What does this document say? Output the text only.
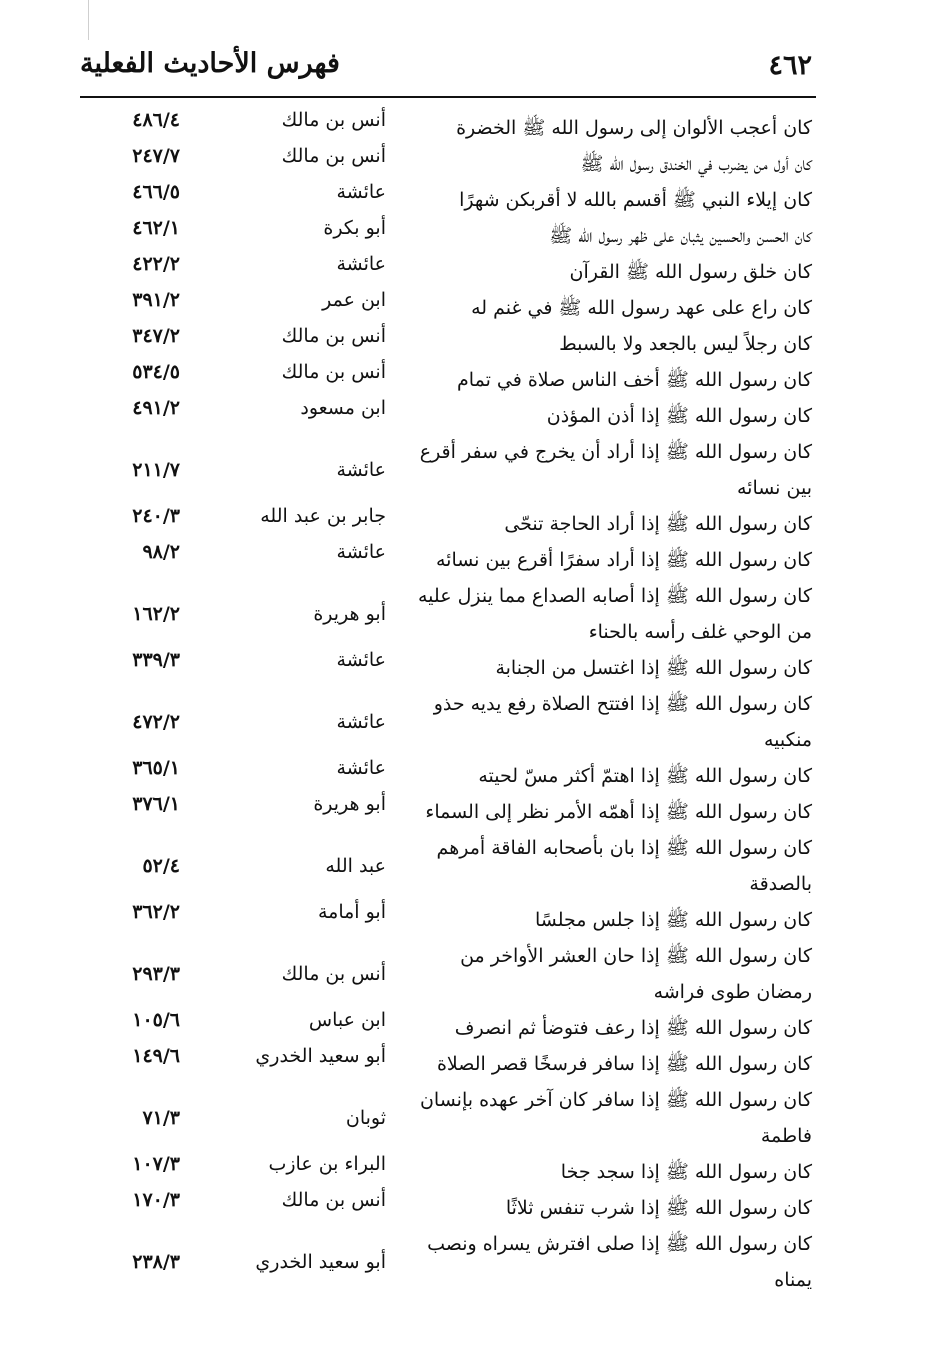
٤٦٢
فهرس الأحاديث الفعلية
كان أعجب الألوان إلى رسول الله ﷺ الخضرة
أنس بن مالك
٤٨٦/٤
كان أول من يضرب في الخندق رسول الله ﷺ
أنس بن مالك
٢٤٧/٧
كان إيلاء النبي ﷺ أقسم بالله لا أقربكن شهرًا
عائشة
٤٦٦/٥
كان الحسن والحسين يثبان على ظهر رسول الله ﷺ
أبو بكرة
٤٦٢/١
كان خلق رسول الله ﷺ القرآن
عائشة
٤٢٢/٢
كان راع على عهد رسول الله ﷺ في غنم له
ابن عمر
٣٩١/٢
كان رجلاً ليس بالجعد ولا بالسبط
أنس بن مالك
٣٤٧/٢
كان رسول الله ﷺ أخف الناس صلاة في تمام
أنس بن مالك
٥٣٤/٥
كان رسول الله ﷺ إذا أذن المؤذن
ابن مسعود
٤٩١/٢
كان رسول الله ﷺ إذا أراد أن يخرج في سفر أقرع
بين نسائه
عائشة
٢١١/٧
كان رسول الله ﷺ إذا أراد الحاجة تنحّى
جابر بن عبد الله
٢٤٠/٣
كان رسول الله ﷺ إذا أراد سفرًا أقرع بين نسائه
عائشة
٩٨/٢
كان رسول الله ﷺ إذا أصابه الصداع مما ينزل عليه
من الوحي غلف رأسه بالحناء
أبو هريرة
١٦٢/٢
كان رسول الله ﷺ إذا اغتسل من الجنابة
عائشة
٣٣٩/٣
كان رسول الله ﷺ إذا افتتح الصلاة رفع يديه حذو
منكبيه
عائشة
٤٧٢/٢
كان رسول الله ﷺ إذا اهتمّ أكثر مسّ لحيته
عائشة
٣٦٥/١
كان رسول الله ﷺ إذا أهمّه الأمر نظر إلى السماء
أبو هريرة
٣٧٦/١
كان رسول الله ﷺ إذا بان بأصحابه الفاقة أمرهم
بالصدقة
عبد الله
٥٢/٤
كان رسول الله ﷺ إذا جلس مجلسًا
أبو أمامة
٣٦٢/٢
كان رسول الله ﷺ إذا حان العشر الأواخر من
رمضان طوى فراشه
أنس بن مالك
٢٩٣/٣
كان رسول الله ﷺ إذا رعف فتوضأ ثم انصرف
ابن عباس
١٠٥/٦
كان رسول الله ﷺ إذا سافر فرسخًا قصر الصلاة
أبو سعيد الخدري
١٤٩/٦
كان رسول الله ﷺ إذا سافر كان آخر عهده بإنسان
فاطمة
ثوبان
٧١/٣
كان رسول الله ﷺ إذا سجد جخا
البراء بن عازب
١٠٧/٣
كان رسول الله ﷺ إذا شرب تنفس ثلاثًا
أنس بن مالك
١٧٠/٣
كان رسول الله ﷺ إذا صلى افترش يسراه ونصب
يمناه
أبو سعيد الخدري
٢٣٨/٣
